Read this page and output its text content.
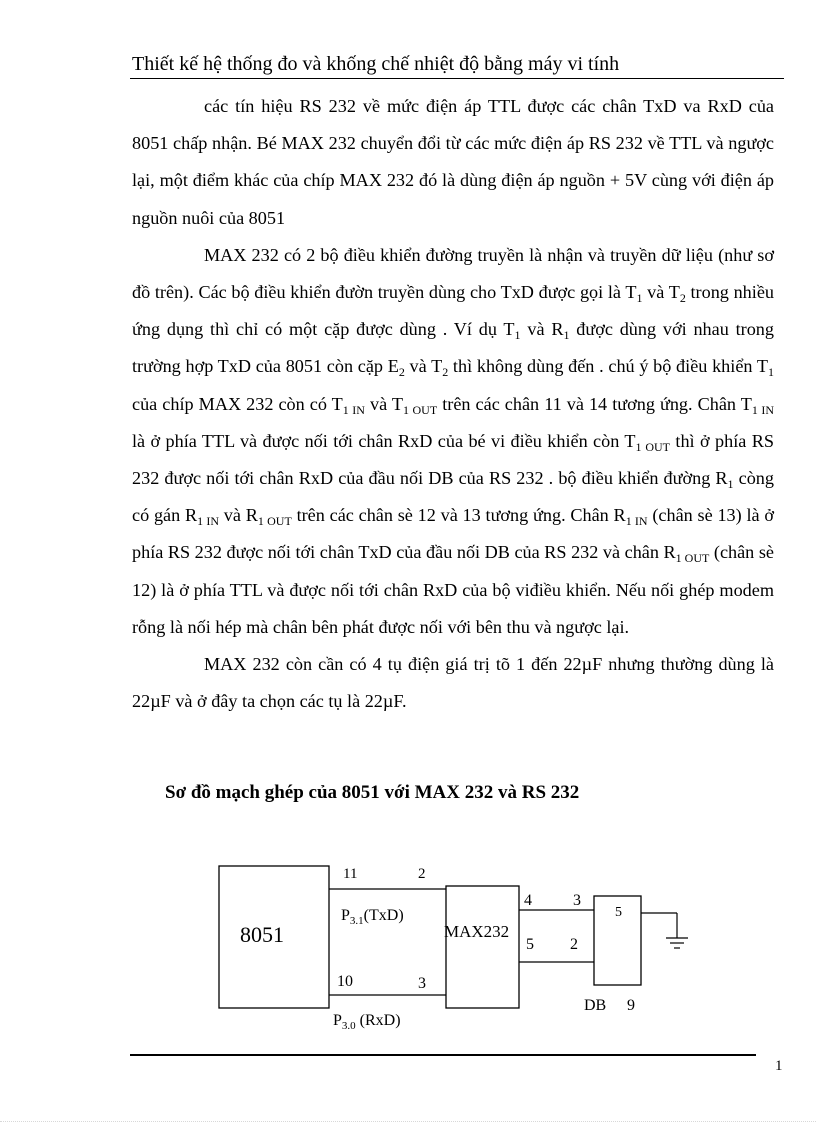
Thiết kế hệ thống đo và khống chế nhiệt độ bằng máy vi tính

các tín hiệu RS 232 về mức điện áp TTL được các chân TxD va RxD của 8051 chấp nhận. Bé MAX 232 chuyển đổi từ các mức điện áp RS 232 về TTL và ngược lại, một điểm khác của chíp MAX 232 đó là dùng điện áp nguồn + 5V cùng với điện áp nguồn nuôi của 8051

MAX 232 có 2 bộ điều khiển đường truyền là nhận và truyền dữ liệu (như sơ đồ trên). Các bộ điều khiển đườn truyền dùng cho TxD được gọi là $T_1$ và $T_2$ trong nhiều ứng dụng thì chỉ có một cặp được dùng . Ví dụ $T_1$ và $R_1$ được dùng với nhau trong trường hợp TxD của 8051 còn cặp $E_2$ và $T_2$ thì không dùng đến . chú ý bộ điều khiển $T_1$ của chíp MAX 232 còn có $T_{1 IN}$ và $T_{1 OUT}$ trên các chân 11 và 14 tương ứng. Chân $T_{1 IN}$ là ở phía TTL và được nối tới chân RxD của bé vi điều khiển còn $T_{1 OUT}$ thì ở phía RS 232 được nối tới chân RxD của đầu nối DB của RS 232 . bộ điều khiển đường $R_1$ còng có gán $R_{1 IN}$ và $R_{1 OUT}$ trên các chân sè 12 và 13 tương ứng. Chân $R_{1 IN}$ (chân sè 13) là ở phía RS 232 được nối tới chân TxD của đầu nối DB của RS 232 và chân $R_{1 OUT}$ (chân sè 12) là ở phía TTL và được nối tới chân RxD của bộ viđiều khiển. Nếu nối ghép modem rỗng là nối hép mà chân bên phát được nối với bên thu và ngược lại.

MAX 232 còn cần có 4 tụ điện giá trị tõ 1 đến 22µF nhưng thường dùng là 22µF và ở đây ta chọn các tụ là 22µF.

Sơ đồ mạch ghép của 8051 với MAX 232 và RS 232
8051	MAX232
11	2
10	3
4	3
5 2
5
DB 9
$P_{3.1}(TxD)$
$P_{3.0}$ (RxD)
1
